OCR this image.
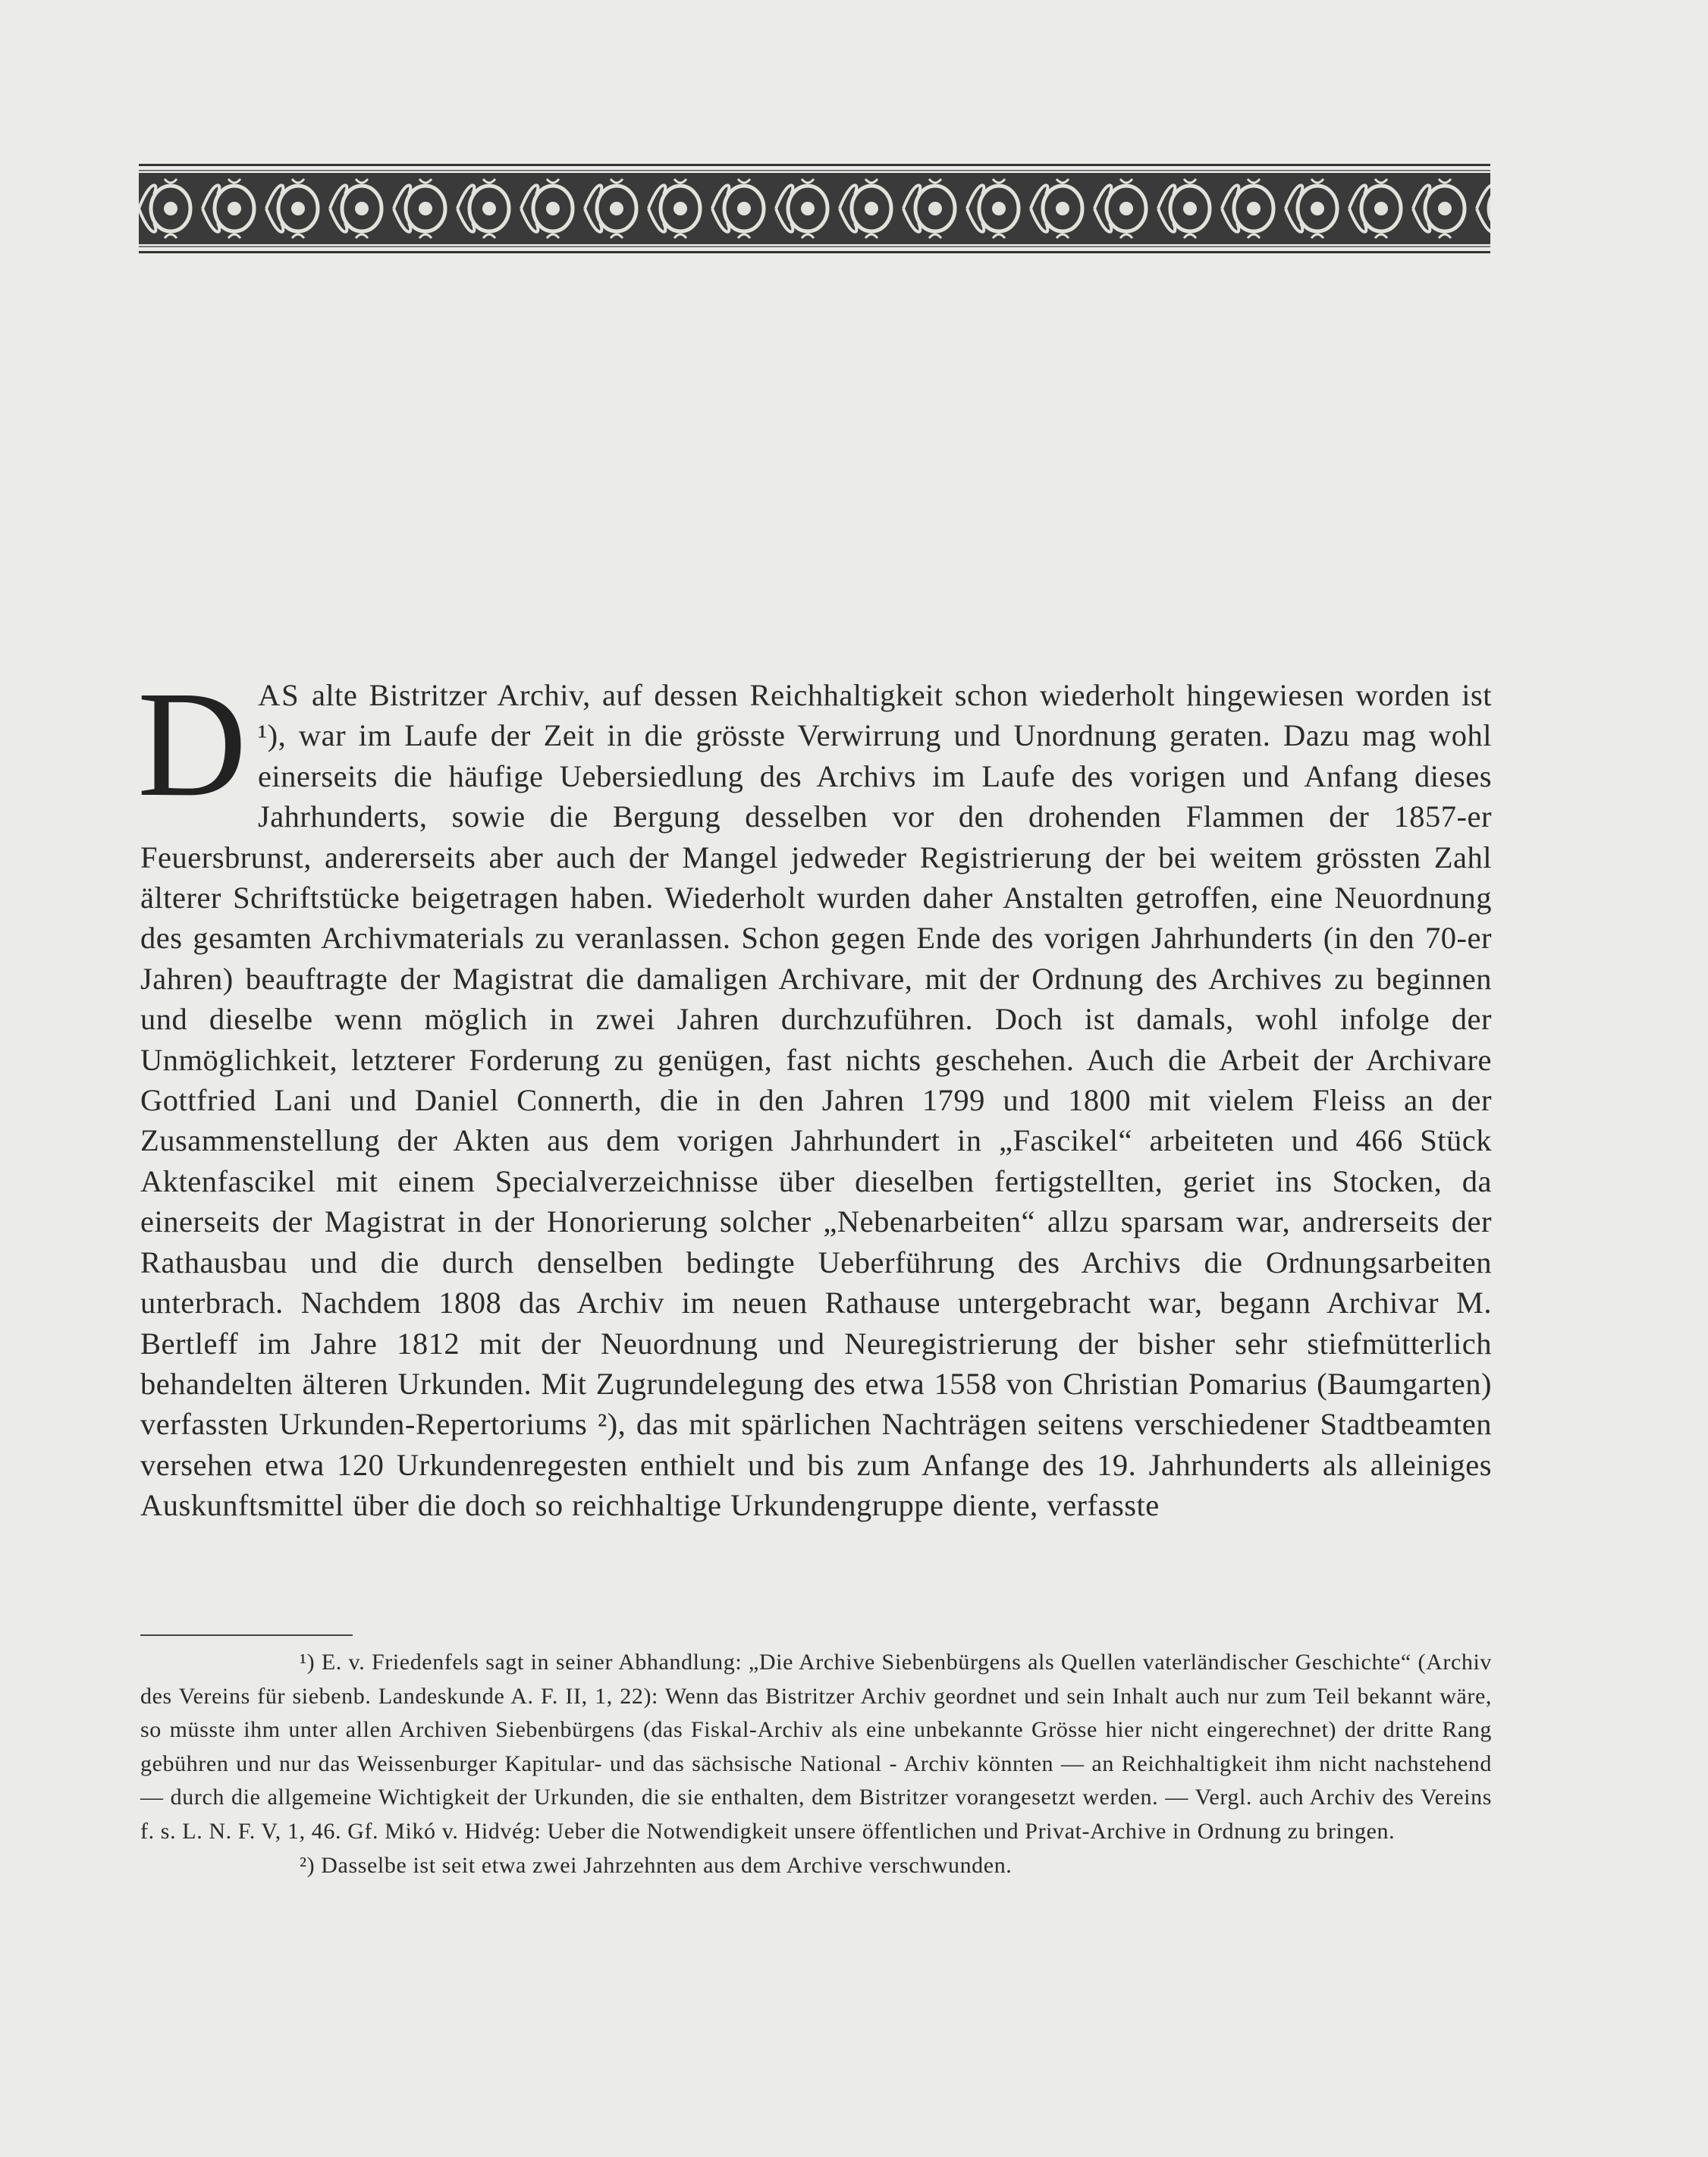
D AS alte Bistritzer Archiv, auf dessen Reichhaltigkeit schon wiederholt hingewiesen worden ist ¹), war im Laufe der Zeit in die grösste Verwirrung und Unordnung geraten. Dazu mag wohl einerseits die häufige Uebersiedlung des Archivs im Laufe des vorigen und Anfang dieses Jahrhunderts, sowie die Bergung desselben vor den drohenden Flammen der 1857-er Feuersbrunst, andererseits aber auch der Mangel jedweder Registrierung der bei weitem grössten Zahl älterer Schriftstücke beigetragen haben. Wiederholt wurden daher Anstalten getroffen, eine Neuordnung des gesamten Archivmaterials zu veranlassen. Schon gegen Ende des vorigen Jahrhunderts (in den 70-er Jahren) beauftragte der Magistrat die damaligen Archivare, mit der Ordnung des Archives zu beginnen und dieselbe wenn möglich in zwei Jahren durchzuführen. Doch ist damals, wohl infolge der Unmöglichkeit, letzterer Forderung zu genügen, fast nichts geschehen. Auch die Arbeit der Archivare Gottfried Lani und Daniel Connerth, die in den Jahren 1799 und 1800 mit vielem Fleiss an der Zusammenstellung der Akten aus dem vorigen Jahrhundert in „Fascikel“ arbeiteten und 466 Stück Aktenfascikel mit einem Specialverzeichnisse über dieselben fertigstellten, geriet ins Stocken, da einerseits der Magistrat in der Honorierung solcher „Nebenarbeiten“ allzu sparsam war, andrerseits der Rathausbau und die durch denselben bedingte Ueberführung des Archivs die Ordnungsarbeiten unterbrach. Nachdem 1808 das Archiv im neuen Rathause untergebracht war, begann Archivar M. Bertleff im Jahre 1812 mit der Neuordnung und Neuregistrierung der bisher sehr stiefmütterlich behandelten älteren Urkunden. Mit Zugrundelegung des etwa 1558 von Christian Pomarius (Baumgarten) verfassten Urkunden-Repertoriums ²), das mit spärlichen Nachträgen seitens verschiedener Stadtbeamten versehen etwa 120 Urkundenregesten enthielt und bis zum Anfange des 19. Jahrhunderts als alleiniges Auskunftsmittel über die doch so reichhaltige Urkundengruppe diente, verfasste

¹) E. v. Friedenfels sagt in seiner Abhandlung: „Die Archive Siebenbürgens als Quellen vaterländischer Geschichte“ (Archiv des Vereins für siebenb. Landeskunde A. F. II, 1, 22): Wenn das Bistritzer Archiv geordnet und sein Inhalt auch nur zum Teil bekannt wäre, so müsste ihm unter allen Archiven Siebenbürgens (das Fiskal-Archiv als eine unbekannte Grösse hier nicht eingerechnet) der dritte Rang gebühren und nur das Weissenburger Kapitular- und das sächsische National - Archiv könnten — an Reichhaltigkeit ihm nicht nachstehend — durch die allgemeine Wichtigkeit der Urkunden, die sie enthalten, dem Bistritzer vorangesetzt werden. — Vergl. auch Archiv des Vereins f. s. L. N. F. V, 1, 46. Gf. Mikó v. Hidvég: Ueber die Notwendigkeit unsere öffentlichen und Privat-Archive in Ordnung zu bringen.

²) Dasselbe ist seit etwa zwei Jahrzehnten aus dem Archive verschwunden.
